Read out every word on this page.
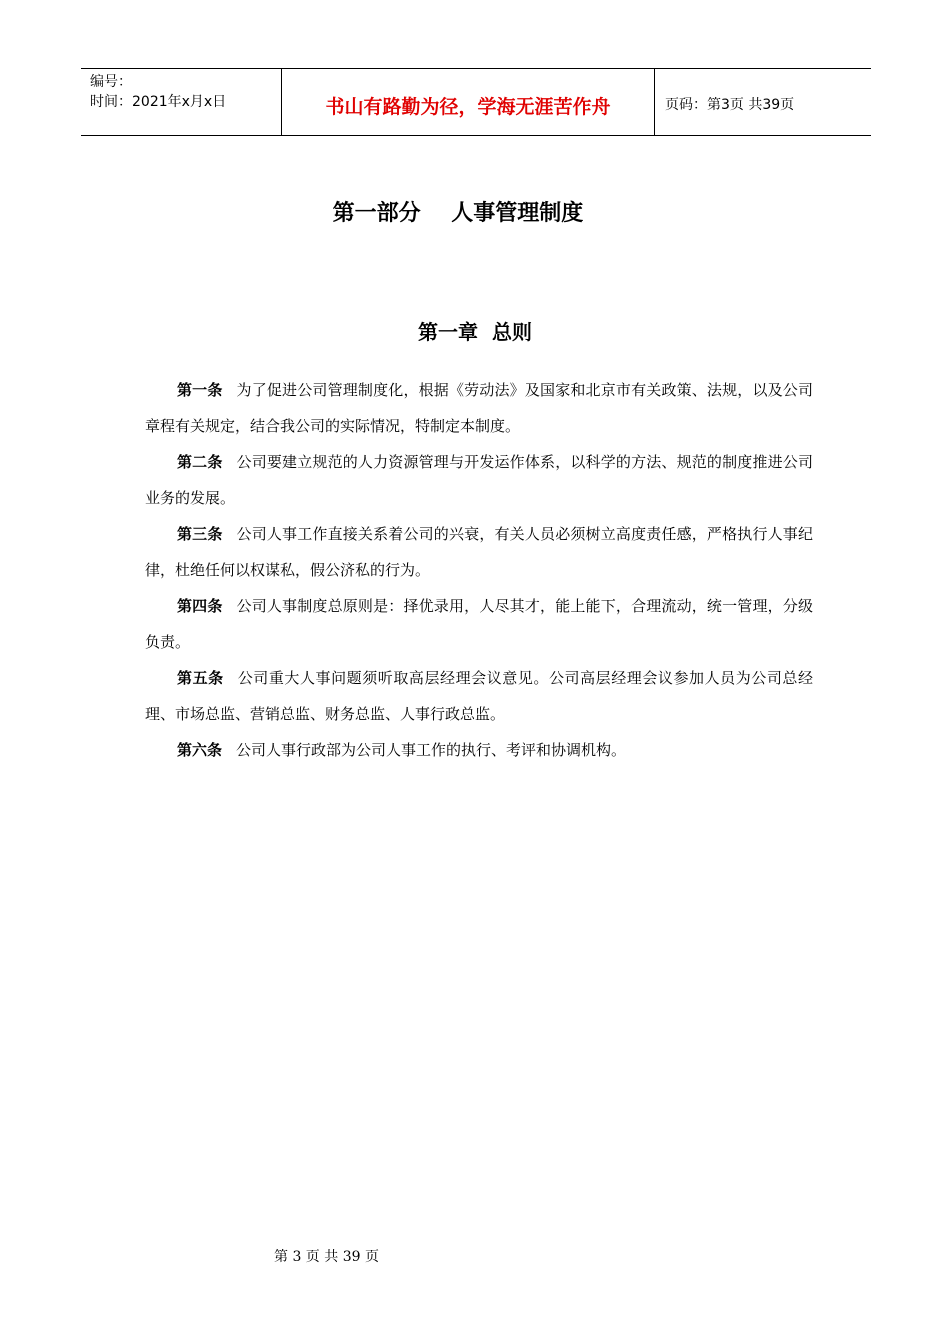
编号：
时间：2021年x月x日	书山有路勤为径，学海无涯苦作舟	页码：第3页 共39页
第一部分    人事管理制度
第一章  总则

第一条 为了促进公司管理制度化，根据《劳动法》及国家和北京市有关政策、法规，以及公司章程有关规定，结合我公司的实际情况，特制定本制度。

第二条 公司要建立规范的人力资源管理与开发运作体系，以科学的方法、规范的制度推进公司业务的发展。

第三条 公司人事工作直接关系着公司的兴衰，有关人员必须树立高度责任感，严格执行人事纪律，杜绝任何以权谋私，假公济私的行为。

第四条 公司人事制度总原则是：择优录用，人尽其才，能上能下，合理流动，统一管理，分级负责。

第五条 公司重大人事问题须听取高层经理会议意见。公司高层经理会议参加人员为公司总经理、市场总监、营销总监、财务总监、人事行政总监。

第六条 公司人事行政部为公司人事工作的执行、考评和协调机构。

第 3 页 共 39 页
